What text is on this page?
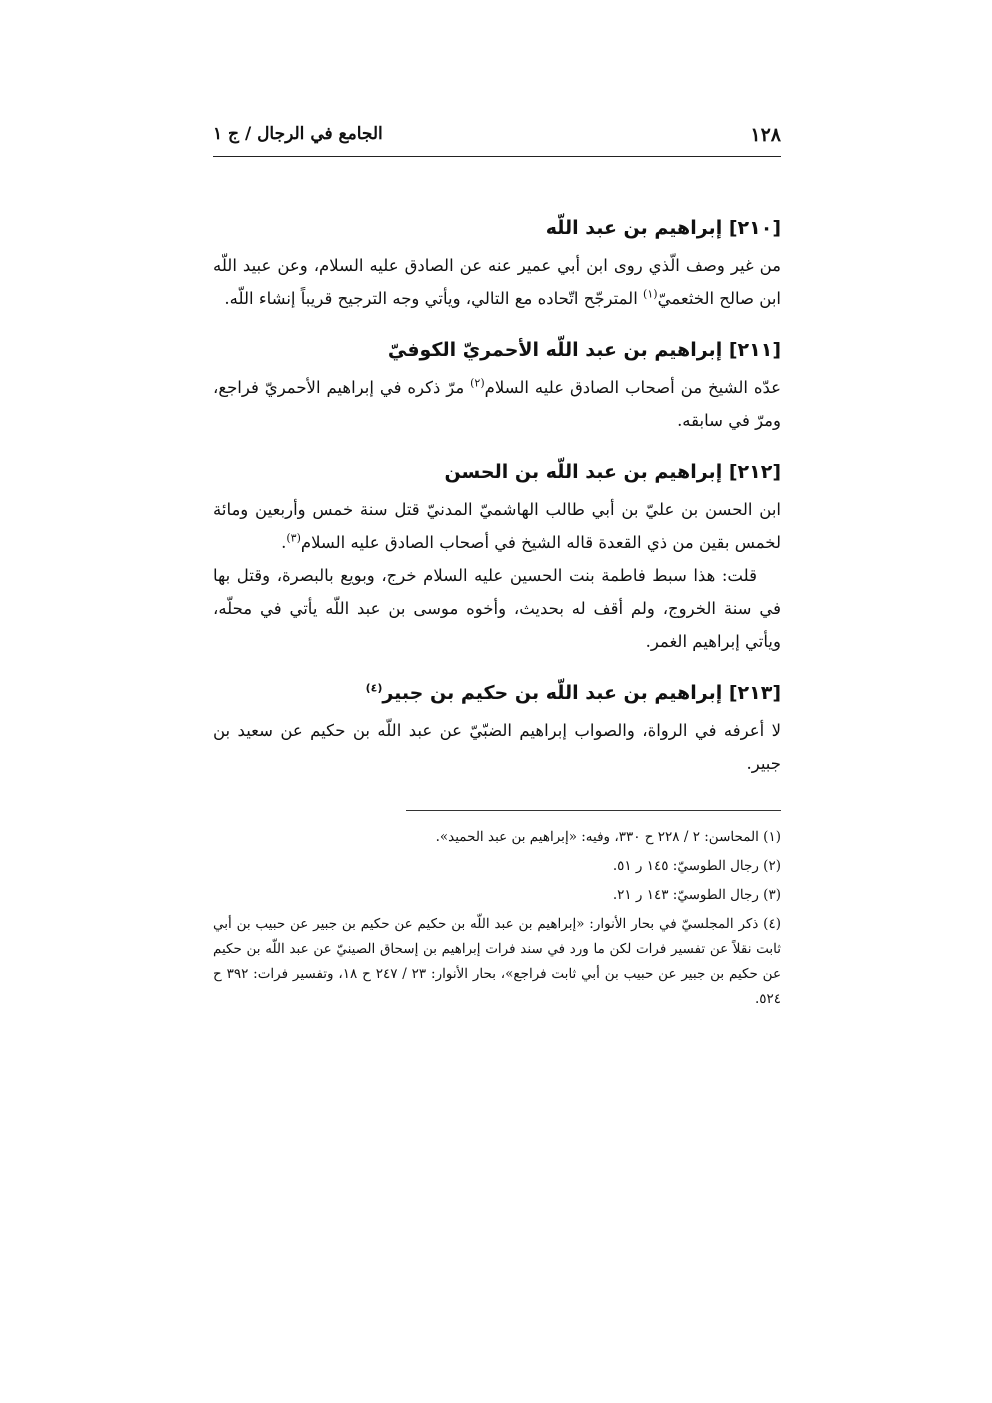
١٢٨
الجامع في الرجال / ج ١
[٢١٠] إبراهيم بن عبد اللّه

من غير وصف الّذي روى ابن أبي عمير عنه عن الصادق عليه السلام، وعن عبيد اللّه ابن صالح الخثعميّ$^{(١)}$ المترجّح اتّحاده مع التالي، ويأتي وجه الترجيح قريباً إنشاء اللّه.

[٢١١] إبراهيم بن عبد اللّه الأحمريّ الكوفيّ

عدّه الشيخ من أصحاب الصادق عليه السلام$^{(٢)}$ مرّ ذكره في إبراهيم الأحمريّ فراجع، ومرّ في سابقه.

[٢١٢] إبراهيم بن عبد اللّه بن الحسن

ابن الحسن بن عليّ بن أبي طالب الهاشميّ المدنيّ قتل سنة خمس وأربعين ومائة لخمس بقين من ذي القعدة قاله الشيخ في أصحاب الصادق عليه السلام$^{(٣)}$.

قلت: هذا سبط فاطمة بنت الحسين عليه السلام خرج، وبويع بالبصرة، وقتل بها في سنة الخروج، ولم أقف له بحديث، وأخوه موسى بن عبد اللّه يأتي في محلّه، ويأتي إبراهيم الغمر.

[٢١٣] إبراهيم بن عبد اللّه بن حكيم بن جبير$^{(٤)}$

لا أعرفه في الرواة، والصواب إبراهيم الضبّيّ عن عبد اللّه بن حكيم عن سعيد بن جبير.

(١) المحاسن: ٢ / ٢٢٨ ح ٣٣٠، وفيه: «إبراهيم بن عبد الحميد».

(٢) رجال الطوسيّ: ١٤٥ ر ٥١.

(٣) رجال الطوسيّ: ١٤٣ ر ٢١.

(٤) ذكر المجلسيّ في بحار الأنوار: «إبراهيم بن عبد اللّه بن حكيم عن حكيم بن جبير عن حبيب بن أبي ثابت نقلاً عن تفسير فرات لكن ما ورد في سند فرات إبراهيم بن إسحاق الصينيّ عن عبد اللّه بن حكيم عن حكيم بن جبير عن حبيب بن أبي ثابت فراجع»، بحار الأنوار: ٢٣ / ٢٤٧ ح ١٨، وتفسير فرات: ٣٩٢ ح ٥٢٤.
